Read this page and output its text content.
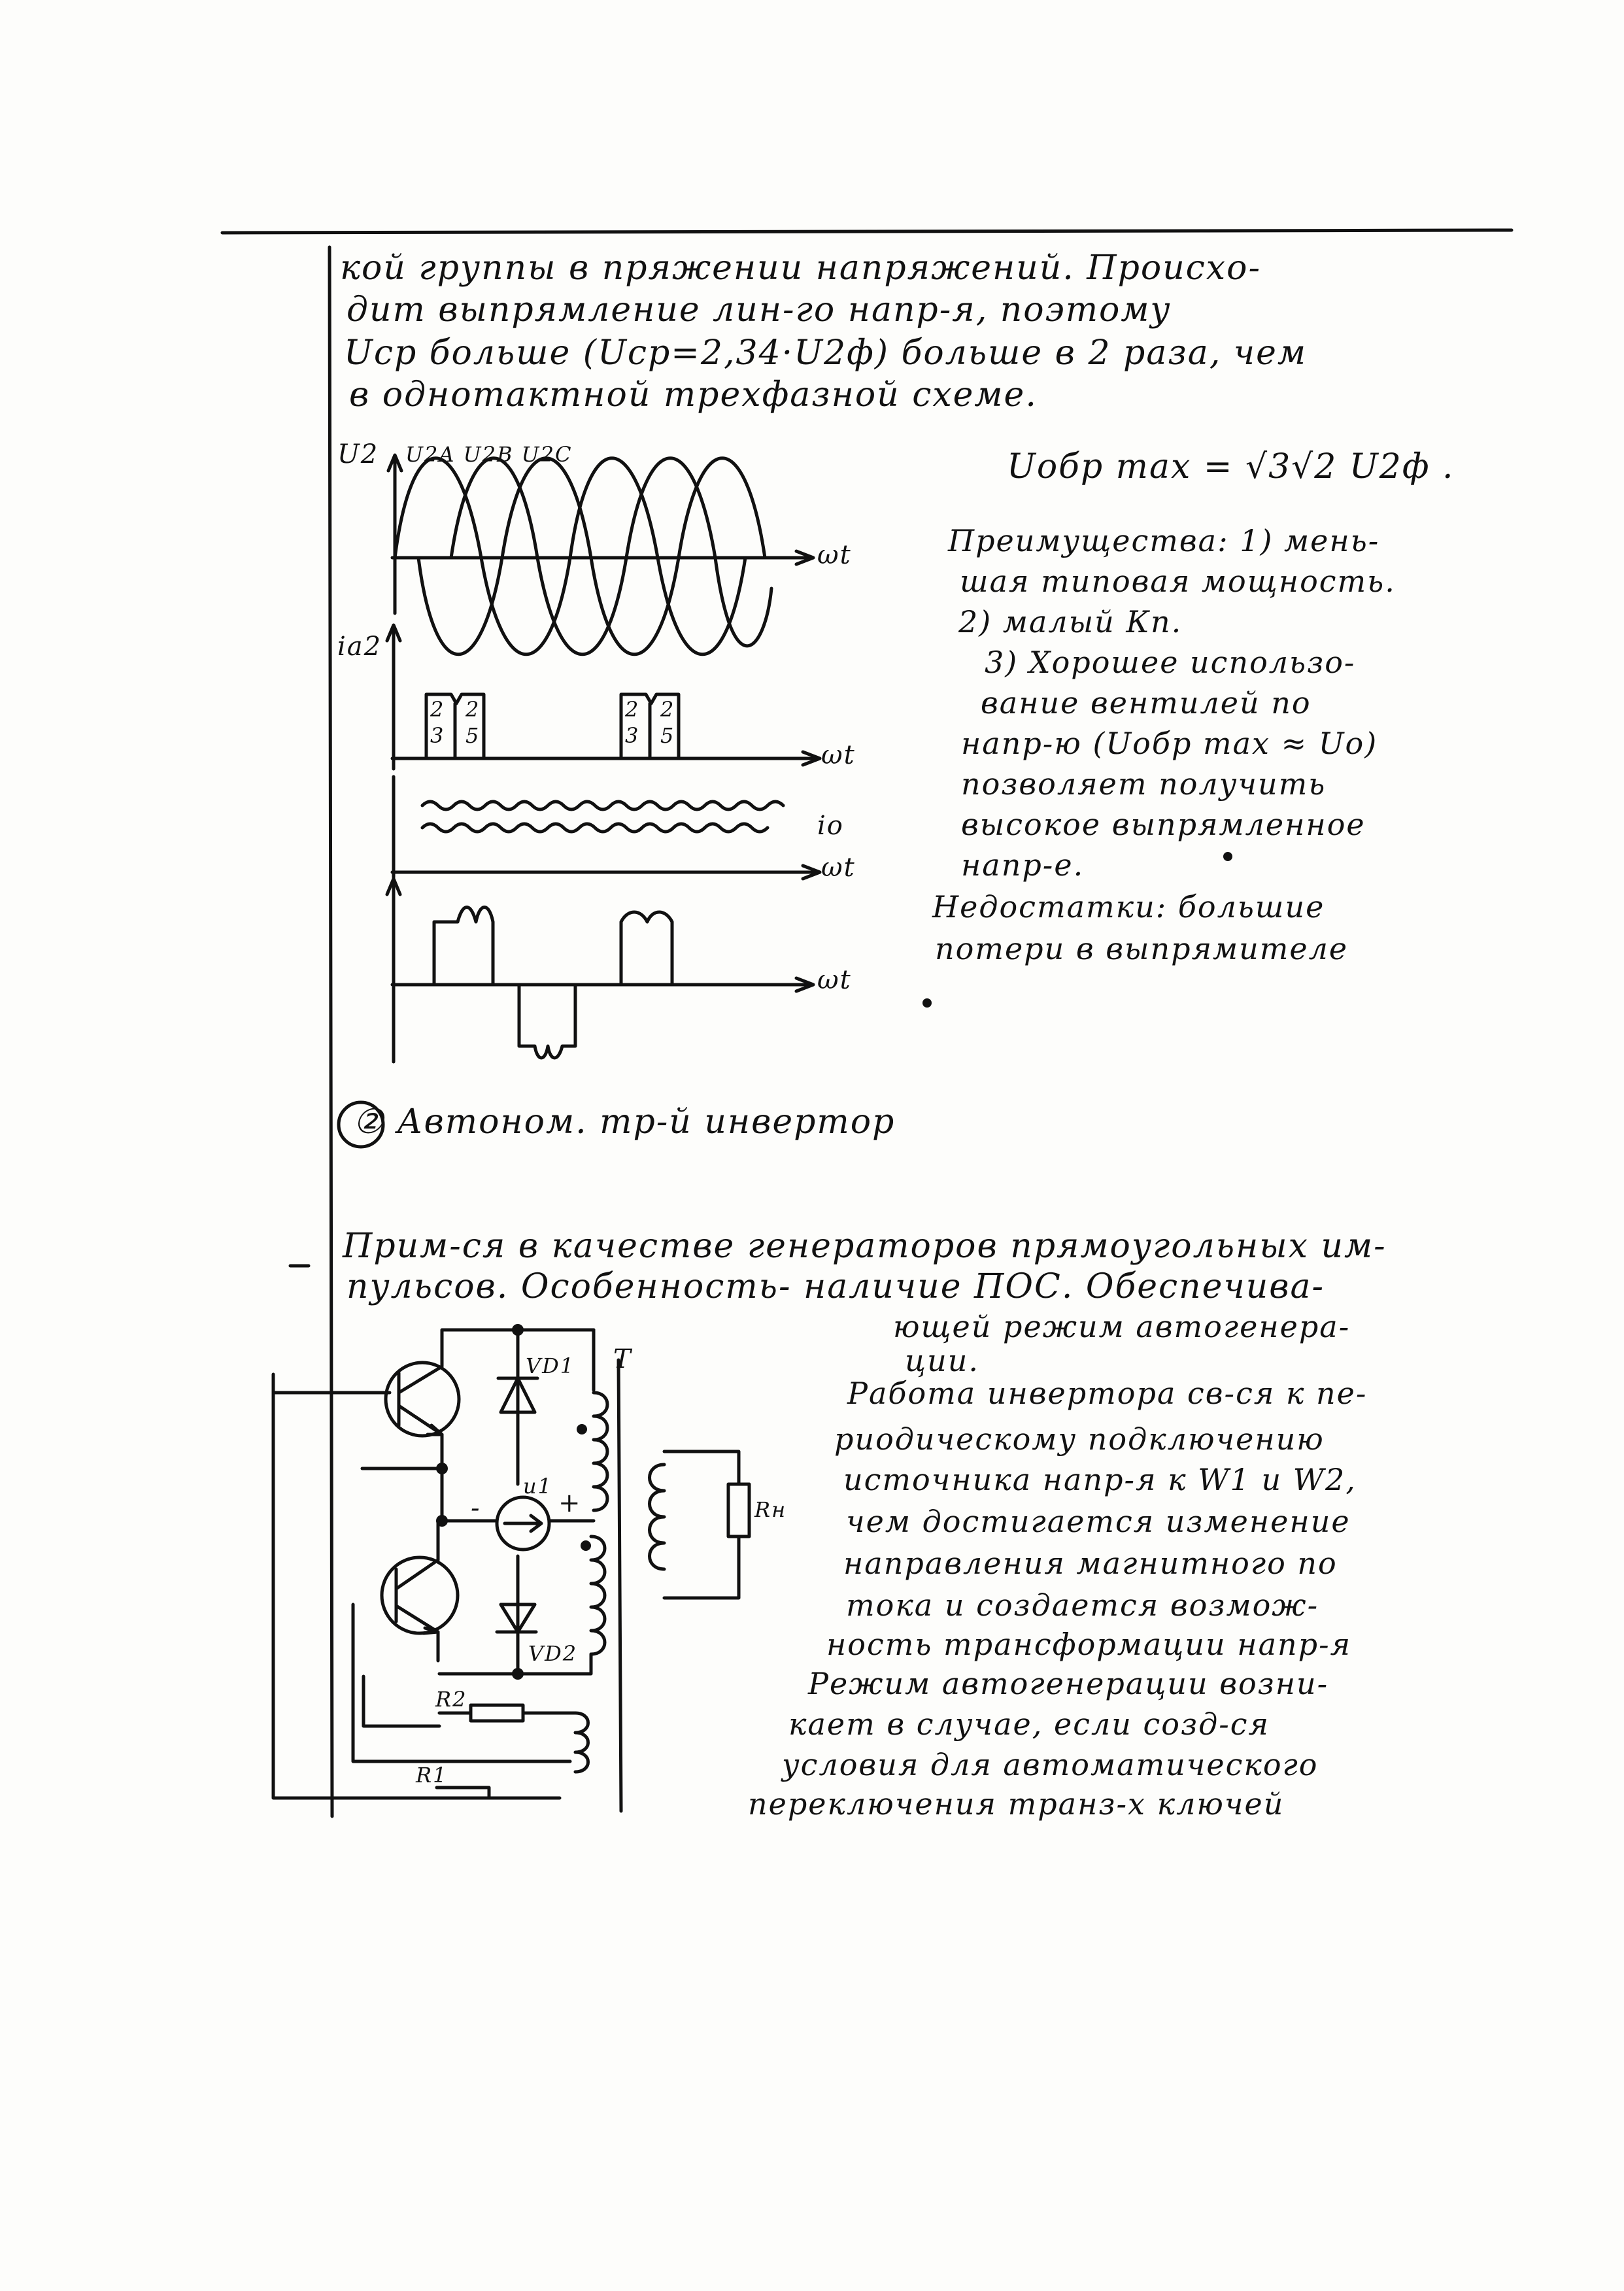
кой группы в пряжении напряжений. Происхо-
дит выпрямление лин-го напр-я, поэтому
Uср больше (Uср=2,34·U2ф) больше в 2 раза, чем
в однотактной трехфазной схеме.
U2 U2A U2B U2C
ωt
ia2
2 2
3 5
2 2
3 5
ωt
io
ωt
ωt
Uобр max = √3√2 U2ф .
Преимущества: 1) мень-
шая типовая мощность.
2) малый Кп.
3) Хорошее использо-
вание вентилей по
напр-ю (Uобр max ≈ Uо)
позволяет получить
высокое выпрямленное
напр-е.
Недостатки: большие
потери в выпрямителе
② Автоном. тр-й инвертор
Прим-ся в качестве генераторов прямоугольных им-
пульсов. Особенность- наличие ПОС. Обеспечива-
ющей режим автогенера-
ции.
VD1 T
u1
-	+
VD2
R2
R1
Rн
Работа инвертора св-ся к пе-
риодическому подключению
источника напр-я к W1 и W2,
чем достигается изменение
направления магнитного по
тока и создается возмож-
ность трансформации напр-я
Режим автогенерации возни-
кает в случае, если созд-ся
условия для автоматического
переключения транз-х ключей
